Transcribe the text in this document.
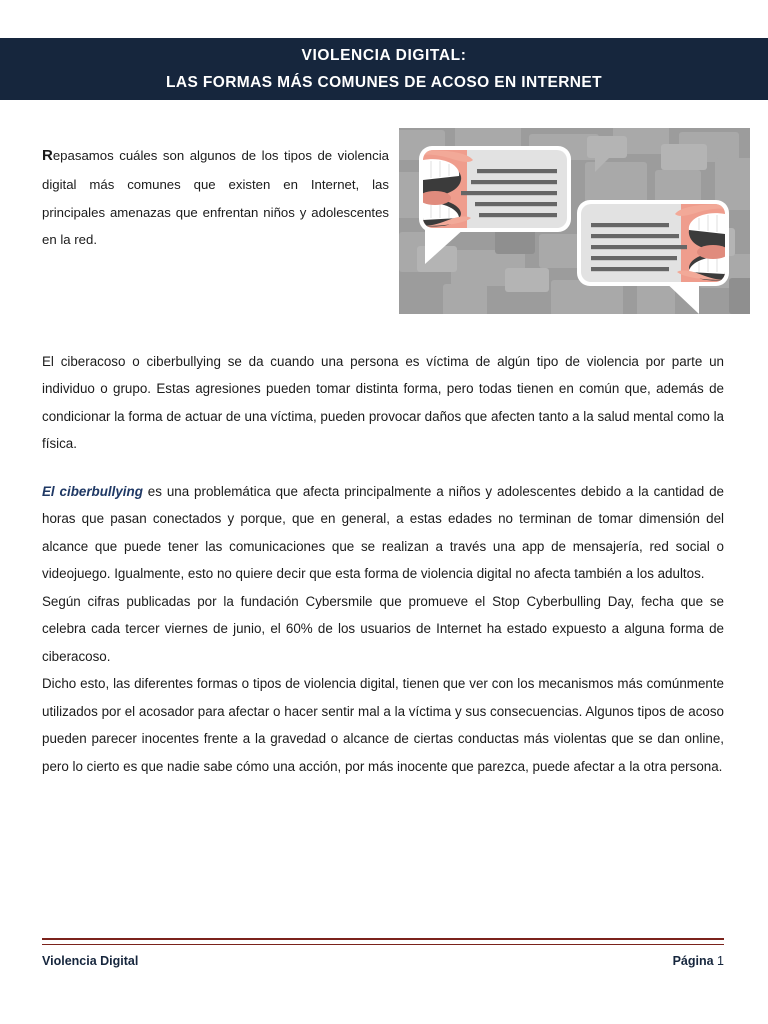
VIOLENCIA DIGITAL:
LAS FORMAS MÁS COMUNES DE ACOSO EN INTERNET
Repasamos cuáles son algunos de los tipos de violencia digital más comunes que existen en Internet, las principales amenazas que enfrentan niños y adolescentes en la red.

El ciberacoso o ciberbullying se da cuando una persona es víctima de algún tipo de violencia por parte un individuo o grupo. Estas agresiones pueden tomar distinta forma, pero todas tienen en común que, además de condicionar la forma de actuar de una víctima, pueden provocar daños que afecten tanto a la salud mental como la física.

El ciberbullying es una problemática que afecta principalmente a niños y adolescentes debido a la cantidad de horas que pasan conectados y porque, que en general, a estas edades no terminan de tomar dimensión del alcance que puede tener las comunicaciones que se realizan a través una app de mensajería, red social o videojuego. Igualmente, esto no quiere decir que esta forma de violencia digital no afecta también a los adultos.

Según cifras publicadas por la fundación Cybersmile que promueve el Stop Cyberbulling Day, fecha que se celebra cada tercer viernes de junio, el 60% de los usuarios de Internet ha estado expuesto a alguna forma de ciberacoso.

Dicho esto, las diferentes formas o tipos de violencia digital, tienen que ver con los mecanismos más comúnmente utilizados por el acosador para afectar o hacer sentir mal a la víctima y sus consecuencias. Algunos tipos de acoso pueden parecer inocentes frente a la gravedad o alcance de ciertas conductas más violentas que se dan online, pero lo cierto es que nadie sabe cómo una acción, por más inocente que parezca, puede afectar a la otra persona.

Violencia Digital	Página 1
